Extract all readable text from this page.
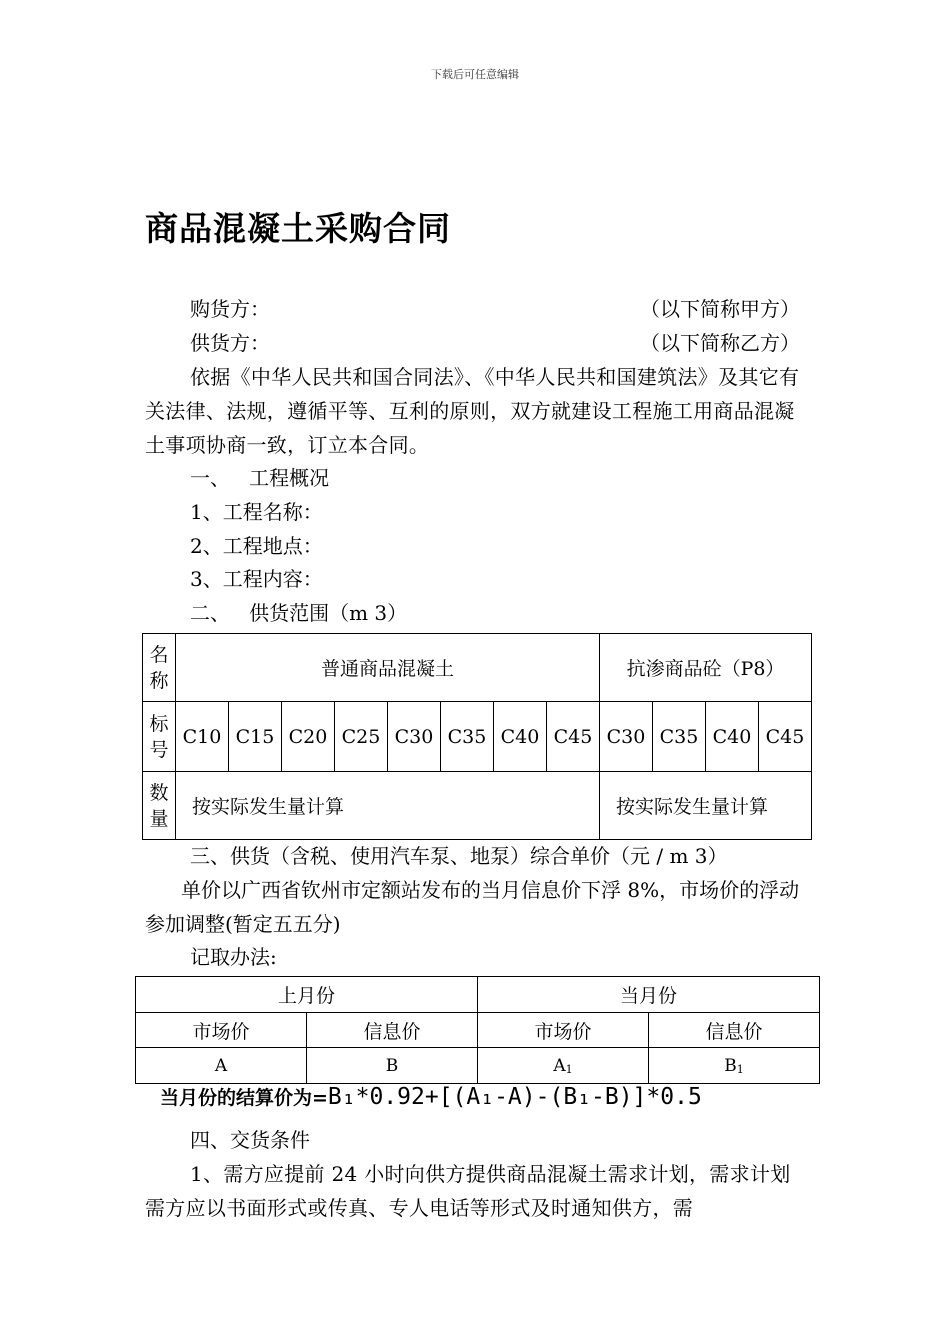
下载后可任意编辑
商品混凝土采购合同
购货方：	（以下简称甲方）
供货方：	（以下简称乙方）
依据《中华人民共和国合同法》、《中华人民共和国建筑法》及其它有关法律、法规，遵循平等、互利的原则，双方就建设工程施工用商品混凝土事项协商一致，订立本合同。
一、   工程概况
1、工程名称：
2、工程地点：
3、工程内容：
二、   供货范围（m 3）
名称	普通商品混凝土								抗渗商品砼（P8）			
标号	C10	C15	C20	C25	C30	C35	C40	C45	C30	C35	C40	C45
数量	按实际发生量计算								按实际发生量计算			
三、供货（含税、使用汽车泵、地泵）综合单价（元 / m 3）
单价以广西省钦州市定额站发布的当月信息价下浮 8%，市场价的浮动参加调整(暂定五五分)
记取办法:
上月份		当月份	
市场价	信息价	市场价	信息价
A	B	$A_1$	$B_1$
当月份的结算价为=B₁*0.92+[(A₁-A)-(B₁-B)]*0.5
四、交货条件
1、需方应提前 24 小时向供方提供商品混凝土需求计划，需求计划需方应以书面形式或传真、专人电话等形式及时通知供方，需
